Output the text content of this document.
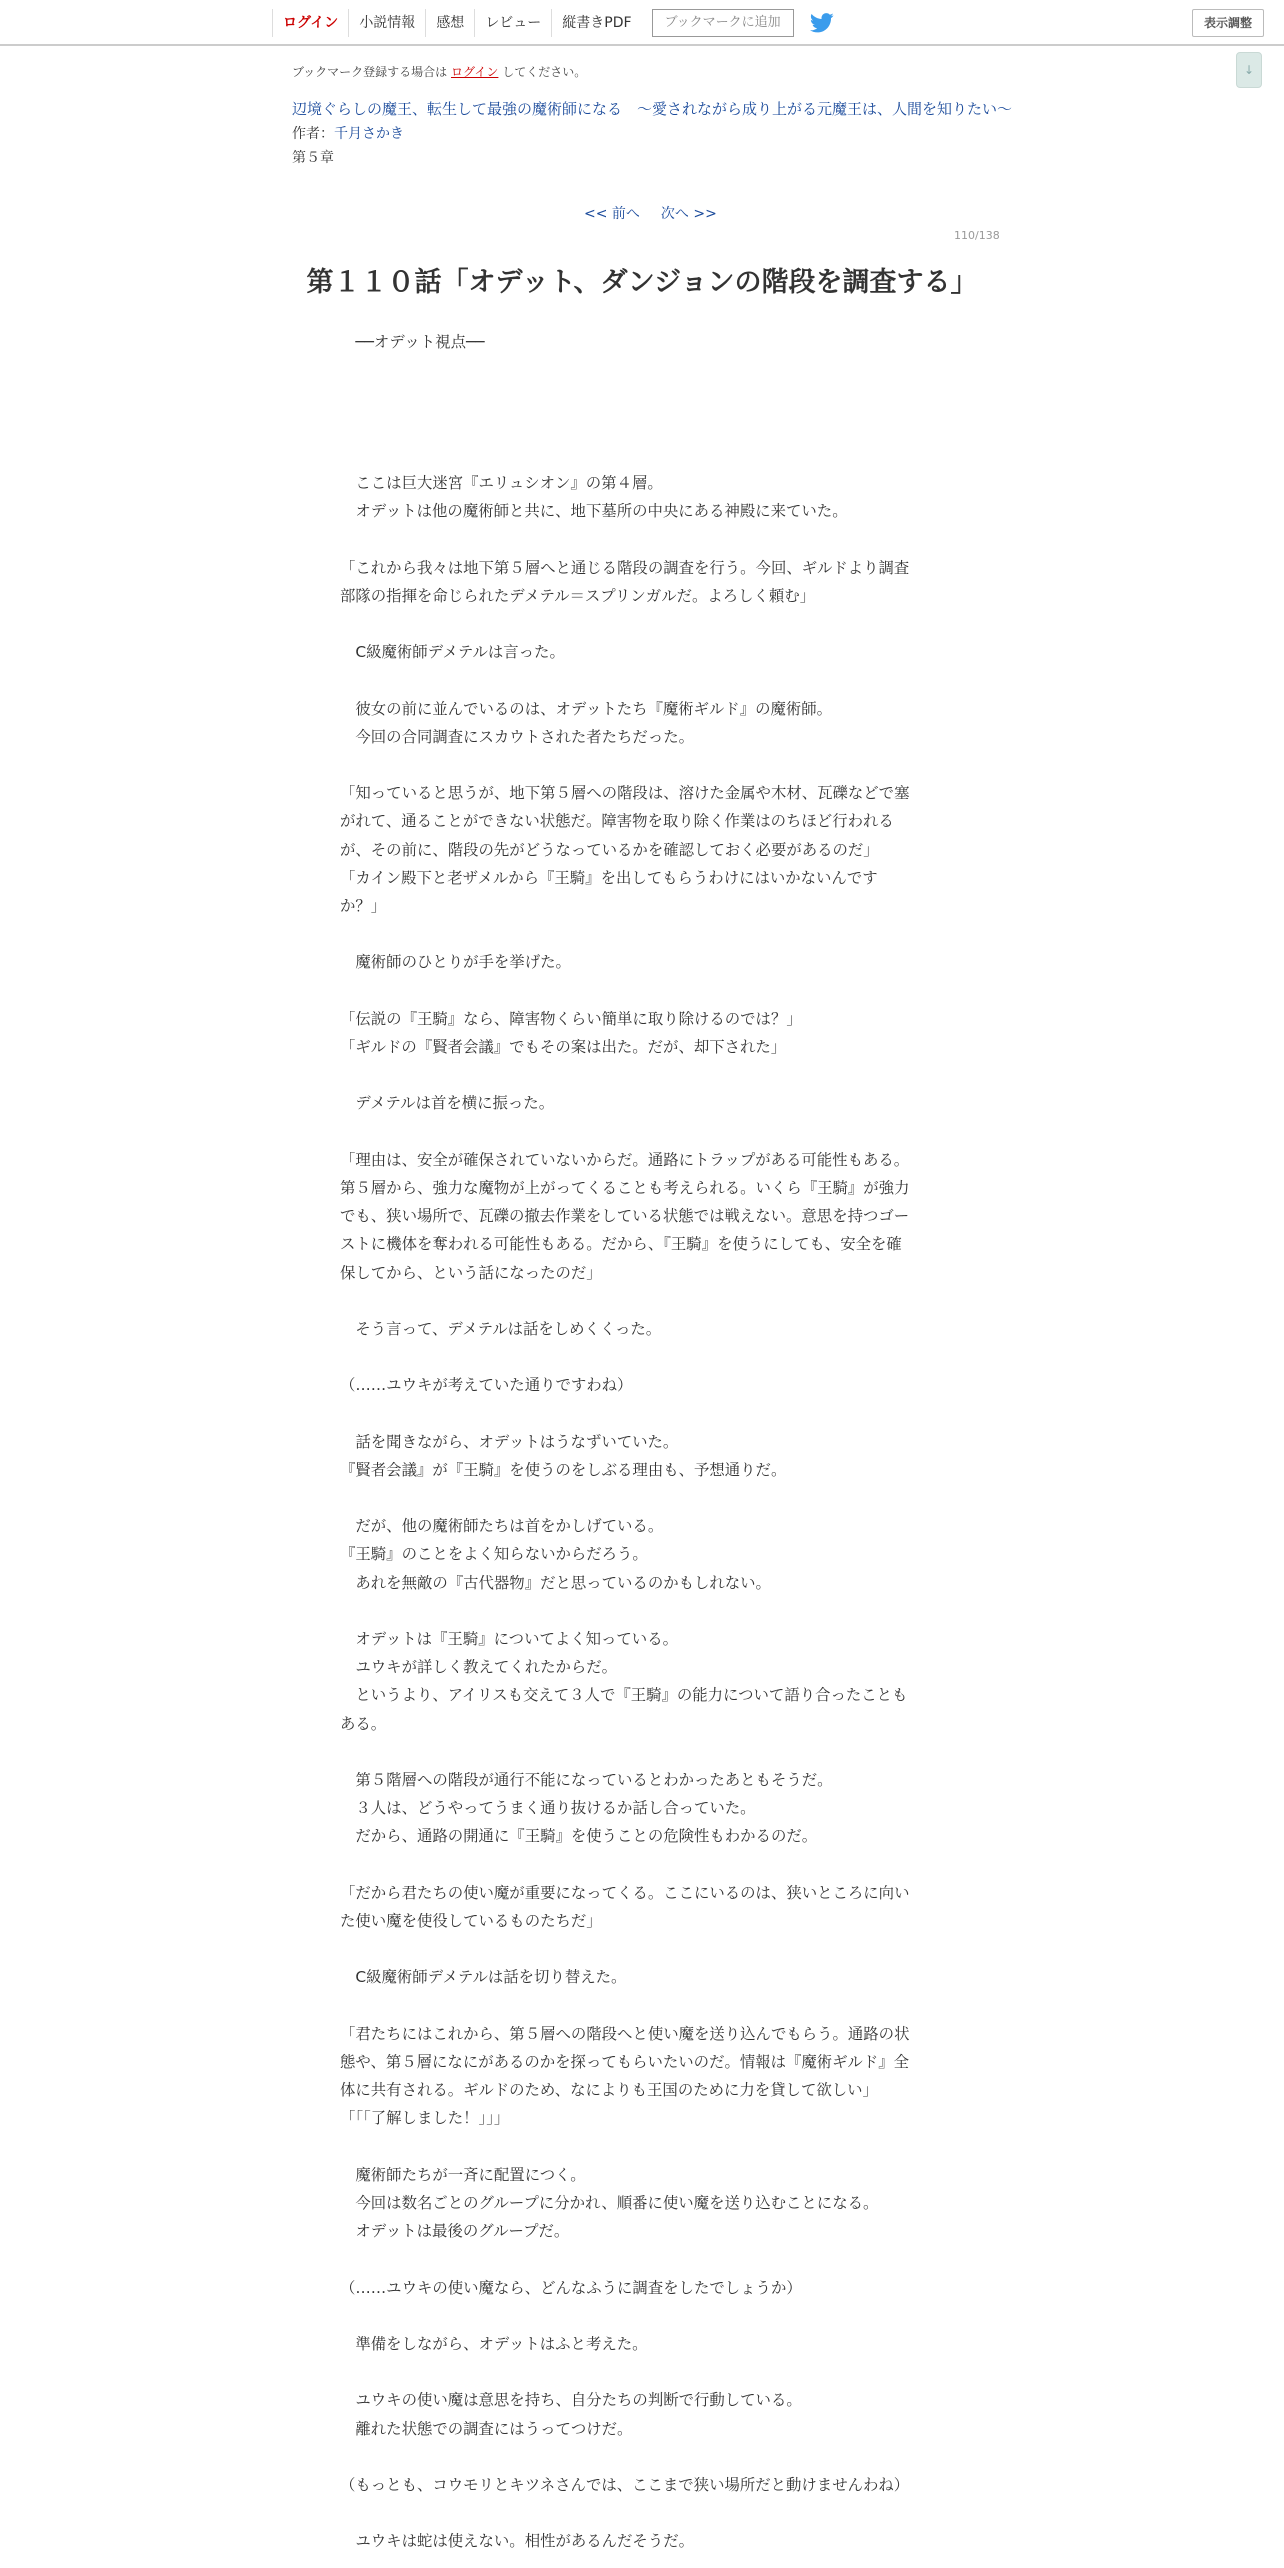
ログイン	小説情報	感想	レビュー	縦書きPDF	ブックマークに追加	表示調整
↓
ブックマーク登録する場合は ログイン してください。
辺境ぐらしの魔王、転生して最強の魔術師になる　〜愛されながら成り上がる元魔王は、人間を知りたい〜
作者：千月さかき
第５章
<< 前へ 次へ >>
110/138
第１１０話「オデット、ダンジョンの階段を調査する」

　──オデット視点──

　ここは巨大迷宮『エリュシオン』の第４層。

　オデットは他の魔術師と共に、地下墓所の中央にある神殿に来ていた。

「これから我々は地下第５層へと通じる階段の調査を行う。今回、ギルドより調査

部隊の指揮を命じられたデメテル＝スプリンガルだ。よろしく頼む」

　C級魔術師デメテルは言った。

　彼女の前に並んでいるのは、オデットたち『魔術ギルド』の魔術師。

　今回の合同調査にスカウトされた者たちだった。

「知っていると思うが、地下第５層への階段は、溶けた金属や木材、瓦礫などで塞

がれて、通ることができない状態だ。障害物を取り除く作業はのちほど行われる

が、その前に、階段の先がどうなっているかを確認しておく必要があるのだ」

「カイン殿下と老ザメルから『王騎』を出してもらうわけにはいかないんです

か？」

　魔術師のひとりが手を挙げた。

「伝説の『王騎』なら、障害物くらい簡単に取り除けるのでは？」

「ギルドの『賢者会議』でもその案は出た。だが、却下された」

　デメテルは首を横に振った。

「理由は、安全が確保されていないからだ。通路にトラップがある可能性もある。

第５層から、強力な魔物が上がってくることも考えられる。いくら『王騎』が強力

でも、狭い場所で、瓦礫の撤去作業をしている状態では戦えない。意思を持つゴー

ストに機体を奪われる可能性もある。だから、『王騎』を使うにしても、安全を確

保してから、という話になったのだ」

　そう言って、デメテルは話をしめくくった。

（……ユウキが考えていた通りですわね）

　話を聞きながら、オデットはうなずいていた。

『賢者会議』が『王騎』を使うのをしぶる理由も、予想通りだ。

　だが、他の魔術師たちは首をかしげている。

『王騎』のことをよく知らないからだろう。

　あれを無敵の『古代器物』だと思っているのかもしれない。

　オデットは『王騎』についてよく知っている。

　ユウキが詳しく教えてくれたからだ。

　というより、アイリスも交えて３人で『王騎』の能力について語り合ったことも

ある。

　第５階層への階段が通行不能になっているとわかったあともそうだ。

　３人は、どうやってうまく通り抜けるか話し合っていた。

　だから、通路の開通に『王騎』を使うことの危険性もわかるのだ。

「だから君たちの使い魔が重要になってくる。ここにいるのは、狭いところに向い

た使い魔を使役しているものたちだ」

　C級魔術師デメテルは話を切り替えた。

「君たちにはこれから、第５層への階段へと使い魔を送り込んでもらう。通路の状

態や、第５層になにがあるのかを探ってもらいたいのだ。情報は『魔術ギルド』全

体に共有される。ギルドのため、なによりも王国のために力を貸して欲しい」

「「「了解しました！」」」

　魔術師たちが一斉に配置につく。

　今回は数名ごとのグループに分かれ、順番に使い魔を送り込むことになる。

　オデットは最後のグループだ。

（……ユウキの使い魔なら、どんなふうに調査をしたでしょうか）

　準備をしながら、オデットはふと考えた。

　ユウキの使い魔は意思を持ち、自分たちの判断で行動している。

　離れた状態での調査にはうってつけだ。

（もっとも、コウモリとキツネさんでは、ここまで狭い場所だと動けませんわね）

　ユウキは蛇は使えない。相性があるんだそうだ。
